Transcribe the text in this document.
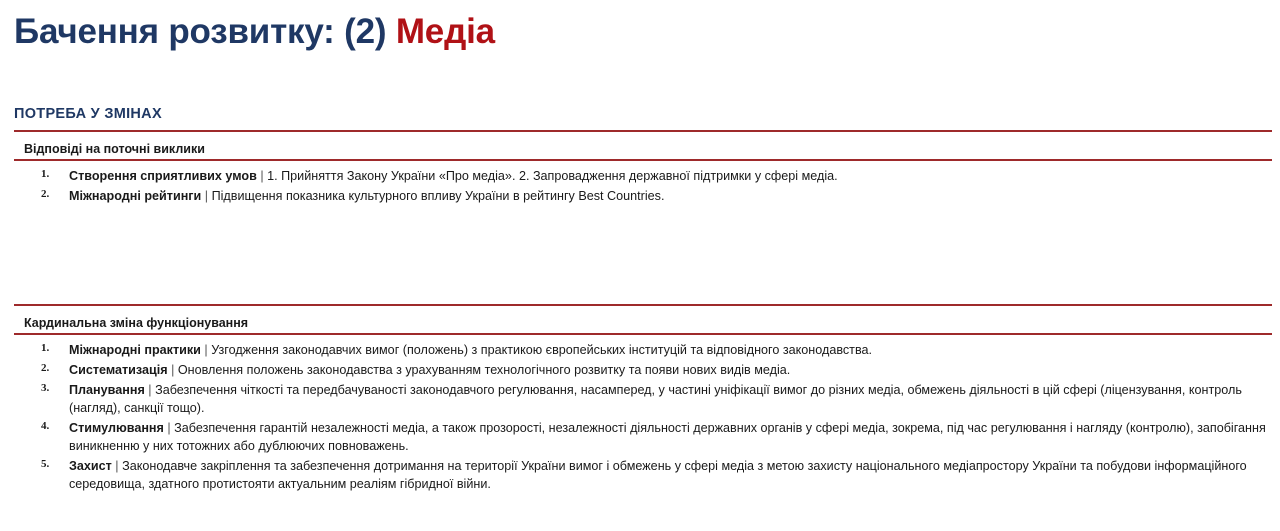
Бачення розвитку: (2) Медіа
ПОТРЕБА У ЗМІНАХ
Відповіді на поточні виклики
1.	Створення сприятливих умов | 1. Прийняття Закону України «Про медіа». 2. Запровадження державної підтримки у сфері медіа.
2.	Міжнародні рейтинги | Підвищення показника культурного впливу України в рейтингу Best Countries.
Кардинальна зміна функціонування
1.	Міжнародні практики | Узгодження законодавчих вимог (положень) з практикою європейських інституцій та відповідного законодавства.
2.	Систематизація | Оновлення положень законодавства з урахуванням технологічного розвитку та появи нових видів медіа.
3.	Планування | Забезпечення чіткості та передбачуваності законодавчого регулювання, насамперед, у частині уніфікації вимог до різних медіа, обмежень діяльності в цій сфері (ліцензування, контроль (нагляд), санкції тощо).
4.	Стимулювання | Забезпечення гарантій незалежності медіа, а також прозорості, незалежності діяльності державних органів у сфері медіа, зокрема, під час регулювання і нагляду (контролю), запобігання виникненню у них тотожних або дублюючих повноважень.
5.	Захист | Законодавче закріплення та забезпечення дотримання на території України вимог і обмежень у сфері медіа з метою захисту національного медіапростору України та побудови інформаційного середовища, здатного протистояти актуальним реаліям гібридної війни.
